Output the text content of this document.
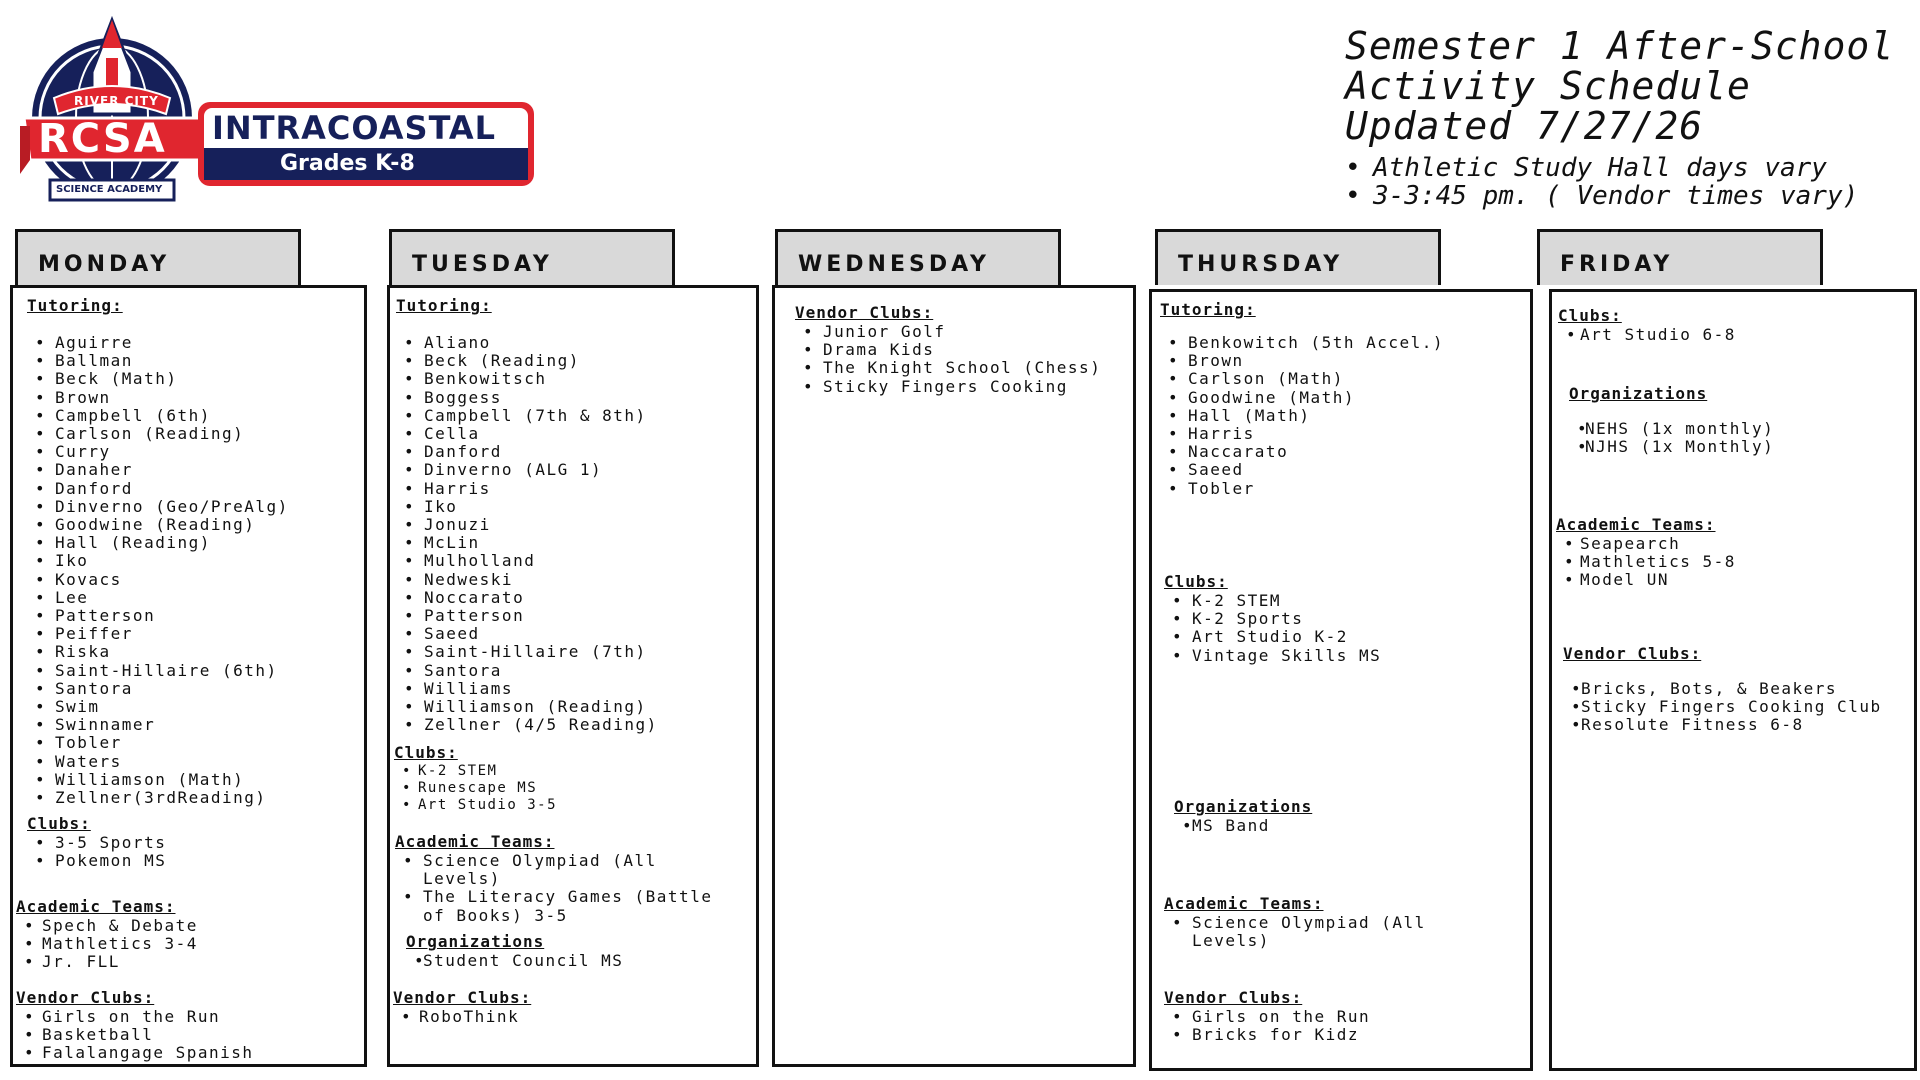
RIVER CITY
RCSA
SCIENCE ACADEMY
INTRACOASTAL
Grades K-8
Semester 1 After-School
Activity Schedule
Updated 7/27/26
• Athletic Study Hall days vary
• 3-3:45 pm. ( Vendor times vary)
MONDAY
Tutoring:
• Aguirre
• Ballman
• Beck (Math)
• Brown
• Campbell (6th)
• Carlson (Reading)
• Curry
• Danaher
• Danford
• Dinverno (Geo/PreAlg)
• Goodwine (Reading)
• Hall (Reading)
• Iko
• Kovacs
• Lee
• Patterson
• Peiffer
• Riska
• Saint-Hillaire (6th)
• Santora
• Swim
• Swinnamer
• Tobler
• Waters
• Williamson (Math)
• Zellner(3rdReading)
Clubs:
• 3-5 Sports
• Pokemon MS
Academic Teams:
• Spech & Debate
• Mathletics 3-4
• Jr. FLL
Vendor Clubs:
• Girls on the Run
• Basketball
• Falalangage Spanish
TUESDAY
Tutoring:
• Aliano
• Beck (Reading)
• Benkowitsch
• Boggess
• Campbell (7th & 8th)
• Cella
• Danford
• Dinverno (ALG 1)
• Harris
• Iko
• Jonuzi
• McLin
• Mulholland
• Nedweski
• Noccarato
• Patterson
• Saeed
• Saint-Hillaire (7th)
• Santora
• Williams
• Williamson (Reading)
• Zellner (4/5 Reading)
Clubs:
• K-2 STEM
• Runescape MS
• Art Studio 3-5
Academic Teams:
• Science Olympiad (All Levels)
• The Literacy Games (Battle of Books) 3-5
Organizations
• Student Council MS
Vendor Clubs:
• RoboThink
WEDNESDAY
Vendor Clubs:
• Junior Golf
• Drama Kids
• The Knight School (Chess)
• Sticky Fingers Cooking
THURSDAY
Tutoring:
• Benkowitch (5th Accel.)
• Brown
• Carlson (Math)
• Goodwine (Math)
• Hall (Math)
• Harris
• Naccarato
• Saeed
• Tobler
Clubs:
• K-2 STEM
• K-2 Sports
• Art Studio K-2
• Vintage Skills MS
Organizations
• MS Band
Academic Teams:
• Science Olympiad (All Levels)
Vendor Clubs:
• Girls on the Run
• Bricks for Kidz
FRIDAY
Clubs:
• Art Studio 6-8
Organizations
• NEHS (1x monthly)
• NJHS (1x Monthly)
Academic Teams:
• Seapearch
• Mathletics 5-8
• Model UN
Vendor Clubs:
• Bricks, Bots, & Beakers
• Sticky Fingers Cooking Club
• Resolute Fitness 6-8
